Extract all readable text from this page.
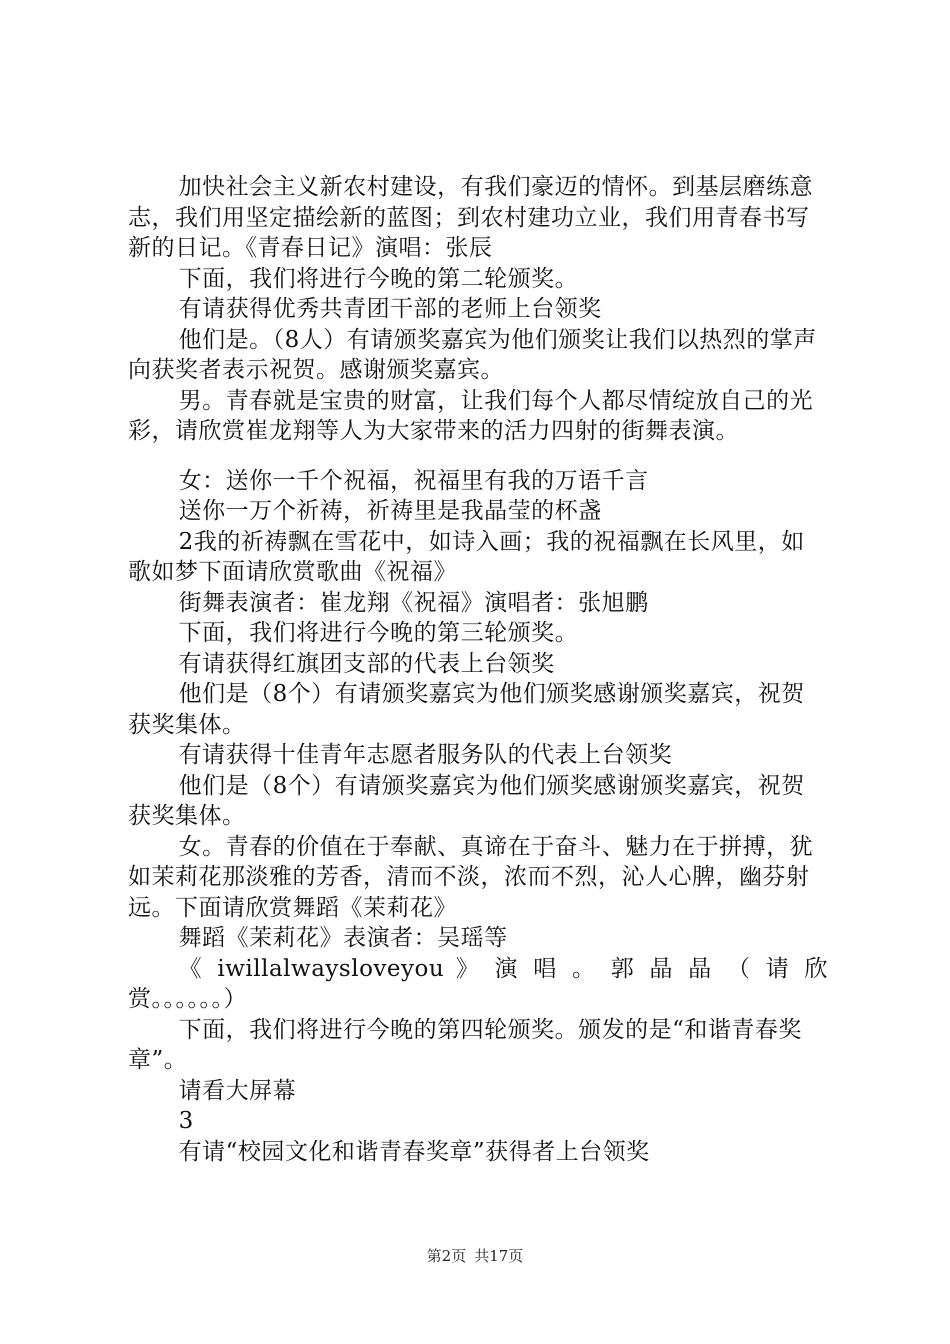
加快社会主义新农村建设，有我们豪迈的情怀。到基层磨练意志，我们用坚定描绘新的蓝图；到农村建功立业，我们用青春书写新的日记。《青春日记》演唱：张辰

下面，我们将进行今晚的第二轮颁奖。

有请获得优秀共青团干部的老师上台领奖

他们是。（8人）有请颁奖嘉宾为他们颁奖让我们以热烈的掌声向获奖者表示祝贺。感谢颁奖嘉宾。

男。青春就是宝贵的财富，让我们每个人都尽情绽放自己的光彩，请欣赏崔龙翔等人为大家带来的活力四射的街舞表演。

女：送你一千个祝福，祝福里有我的万语千言

送你一万个祈祷，祈祷里是我晶莹的杯盏

2我的祈祷飘在雪花中，如诗入画；我的祝福飘在长风里，如歌如梦下面请欣赏歌曲《祝福》

街舞表演者：崔龙翔《祝福》演唱者：张旭鹏

下面，我们将进行今晚的第三轮颁奖。

有请获得红旗团支部的代表上台领奖

他们是（8个）有请颁奖嘉宾为他们颁奖感谢颁奖嘉宾，祝贺获奖集体。

有请获得十佳青年志愿者服务队的代表上台领奖

他们是（8个）有请颁奖嘉宾为他们颁奖感谢颁奖嘉宾，祝贺获奖集体。

女。青春的价值在于奉献、真谛在于奋斗、魅力在于拼搏，犹如茉莉花那淡雅的芳香，清而不淡，浓而不烈，沁人心脾，幽芬射远。下面请欣赏舞蹈《茉莉花》

舞蹈《茉莉花》表演者：吴瑶等

《 iwillalwaysloveyou 》 演 唱 。 郭 晶 晶 （ 请 欣 赏。。。。。。）

下面，我们将进行今晚的第四轮颁奖。颁发的是“和谐青春奖章”。

请看大屏幕

3

有请“校园文化和谐青春奖章”获得者上台领奖

第2页 共17页
